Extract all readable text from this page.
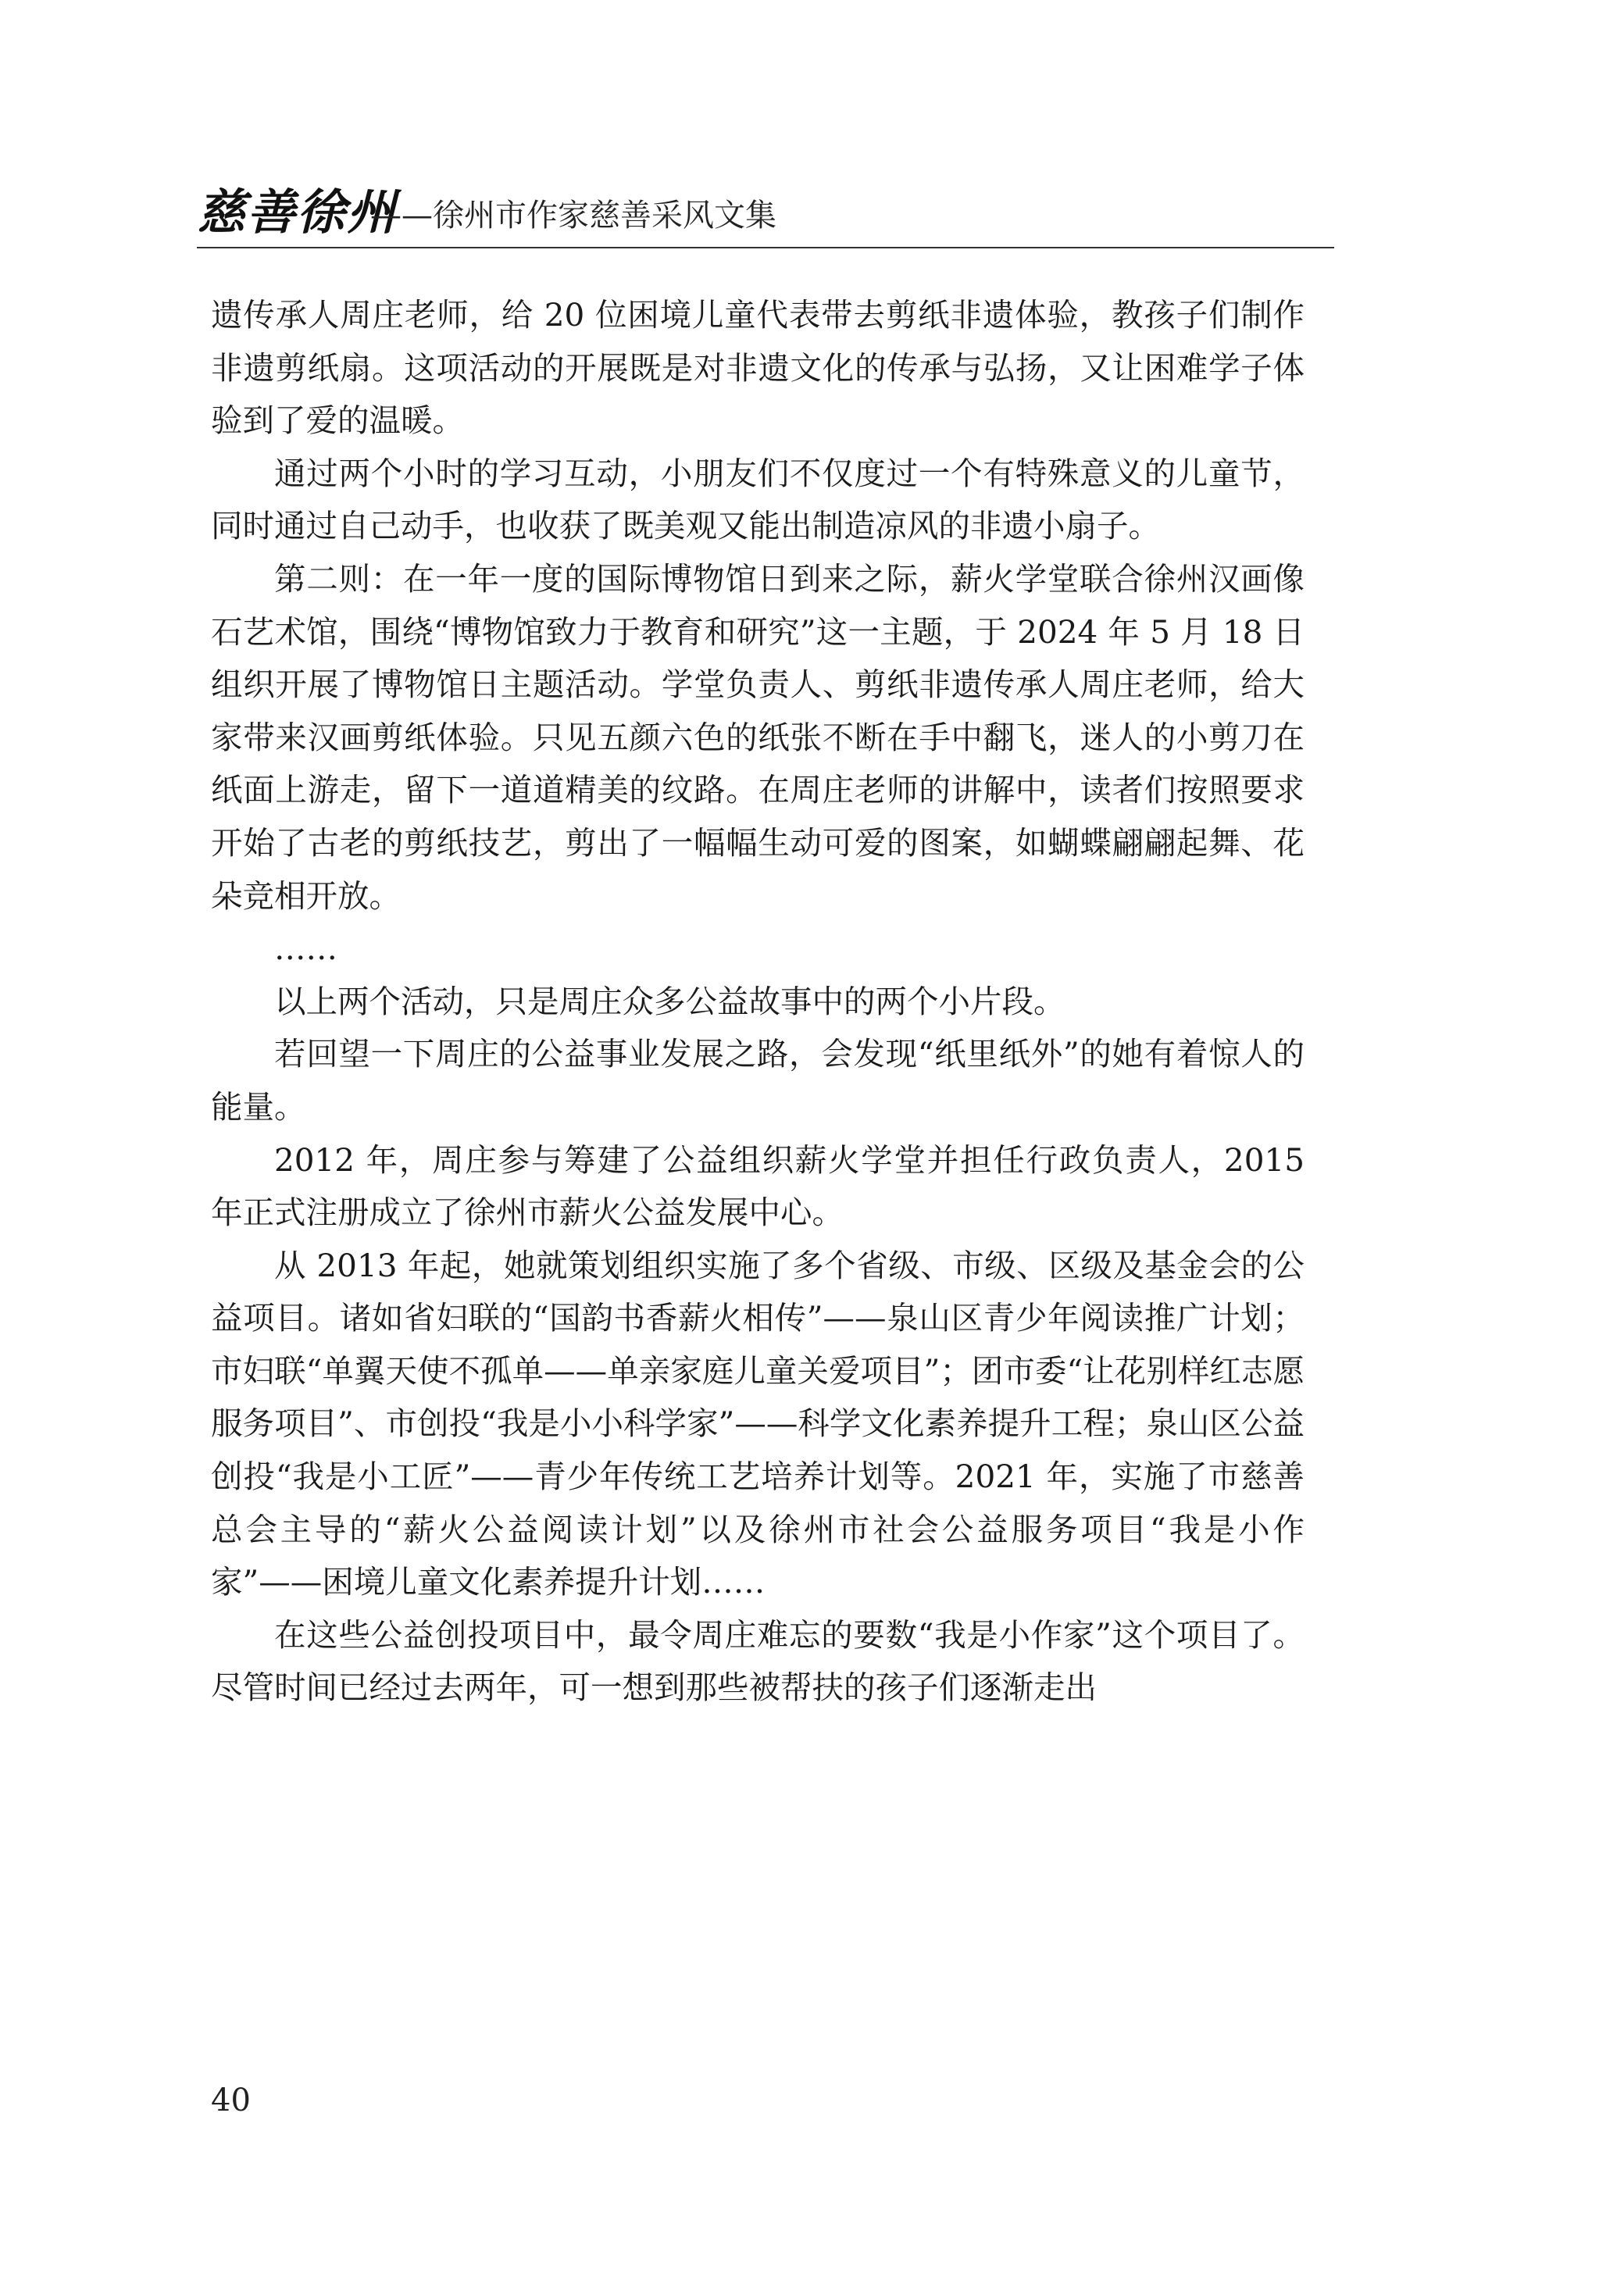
慈善徐州
——徐州市作家慈善采风文集

遗传承人周庄老师，给 20 位困境儿童代表带去剪纸非遗体验，教孩子们制作非遗剪纸扇。这项活动的开展既是对非遗文化的传承与弘扬，又让困难学子体验到了爱的温暖。

通过两个小时的学习互动，小朋友们不仅度过一个有特殊意义的儿童节，同时通过自己动手，也收获了既美观又能出制造凉风的非遗小扇子。

第二则：在一年一度的国际博物馆日到来之际，薪火学堂联合徐州汉画像石艺术馆，围绕“博物馆致力于教育和研究”这一主题，于 2024 年 5 月 18 日组织开展了博物馆日主题活动。学堂负责人、剪纸非遗传承人周庄老师，给大家带来汉画剪纸体验。只见五颜六色的纸张不断在手中翻飞，迷人的小剪刀在纸面上游走，留下一道道精美的纹路。在周庄老师的讲解中，读者们按照要求开始了古老的剪纸技艺，剪出了一幅幅生动可爱的图案，如蝴蝶翩翩起舞、花朵竞相开放。

……

以上两个活动，只是周庄众多公益故事中的两个小片段。

若回望一下周庄的公益事业发展之路，会发现“纸里纸外”的她有着惊人的能量。

2012 年，周庄参与筹建了公益组织薪火学堂并担任行政负责人，2015 年正式注册成立了徐州市薪火公益发展中心。

从 2013 年起，她就策划组织实施了多个省级、市级、区级及基金会的公益项目。诸如省妇联的“国韵书香薪火相传”——泉山区青少年阅读推广计划；市妇联“单翼天使不孤单——单亲家庭儿童关爱项目”；团市委“让花别样红志愿服务项目”、市创投“我是小小科学家”——科学文化素养提升工程；泉山区公益创投“我是小工匠”——青少年传统工艺培养计划等。2021 年，实施了市慈善总会主导的“薪火公益阅读计划”以及徐州市社会公益服务项目“我是小作家”——困境儿童文化素养提升计划……

在这些公益创投项目中，最令周庄难忘的要数“我是小作家”这个项目了。尽管时间已经过去两年，可一想到那些被帮扶的孩子们逐渐走出

40
